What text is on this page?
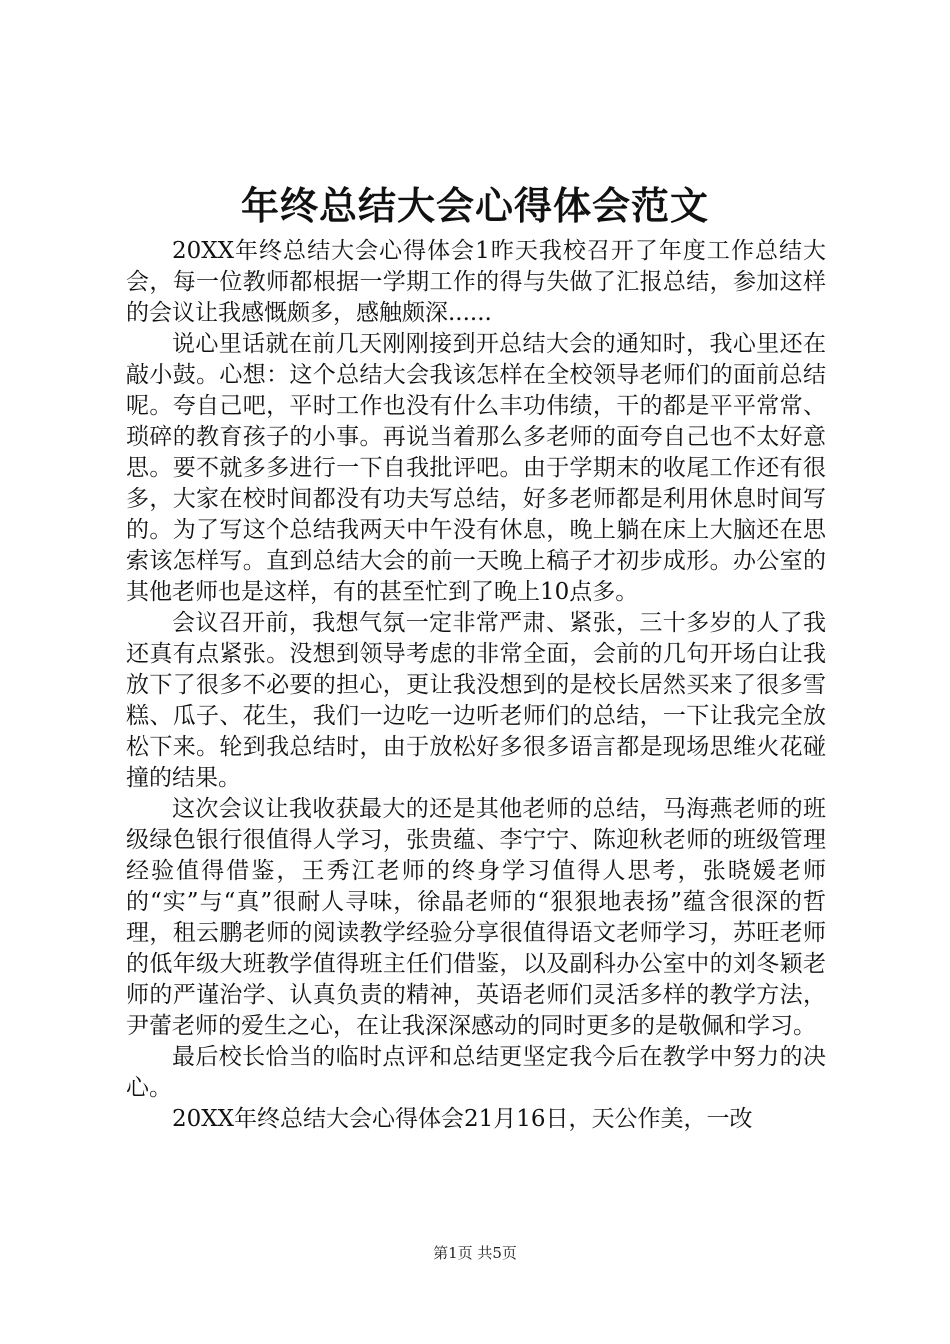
年终总结大会心得体会范文

20XX年终总结大会心得体会1昨天我校召开了年度工作总结大会，每一位教师都根据一学期工作的得与失做了汇报总结，参加这样的会议让我感慨颇多，感触颇深......

说心里话就在前几天刚刚接到开总结大会的通知时，我心里还在敲小鼓。心想：这个总结大会我该怎样在全校领导老师们的面前总结呢。夸自己吧，平时工作也没有什么丰功伟绩，干的都是平平常常、琐碎的教育孩子的小事。再说当着那么多老师的面夸自己也不太好意思。要不就多多进行一下自我批评吧。由于学期末的收尾工作还有很多，大家在校时间都没有功夫写总结，好多老师都是利用休息时间写的。为了写这个总结我两天中午没有休息，晚上躺在床上大脑还在思索该怎样写。直到总结大会的前一天晚上稿子才初步成形。办公室的其他老师也是这样，有的甚至忙到了晚上10点多。

会议召开前，我想气氛一定非常严肃、紧张，三十多岁的人了我还真有点紧张。没想到领导考虑的非常全面，会前的几句开场白让我放下了很多不必要的担心，更让我没想到的是校长居然买来了很多雪糕、瓜子、花生，我们一边吃一边听老师们的总结，一下让我完全放松下来。轮到我总结时，由于放松好多很多语言都是现场思维火花碰撞的结果。

这次会议让我收获最大的还是其他老师的总结，马海燕老师的班级绿色银行很值得人学习，张贵蕴、李宁宁、陈迎秋老师的班级管理经验值得借鉴，王秀江老师的终身学习值得人思考，张晓媛老师的“实”与“真”很耐人寻味，徐晶老师的“狠狠地表扬”蕴含很深的哲理，租云鹏老师的阅读教学经验分享很值得语文老师学习，苏旺老师的低年级大班教学值得班主任们借鉴，以及副科办公室中的刘冬颖老师的严谨治学、认真负责的精神，英语老师们灵活多样的教学方法，尹蕾老师的爱生之心，在让我深深感动的同时更多的是敬佩和学习。

最后校长恰当的临时点评和总结更坚定我今后在教学中努力的决心。

20XX年终总结大会心得体会21月16日，天公作美，一改

第1页 共5页
